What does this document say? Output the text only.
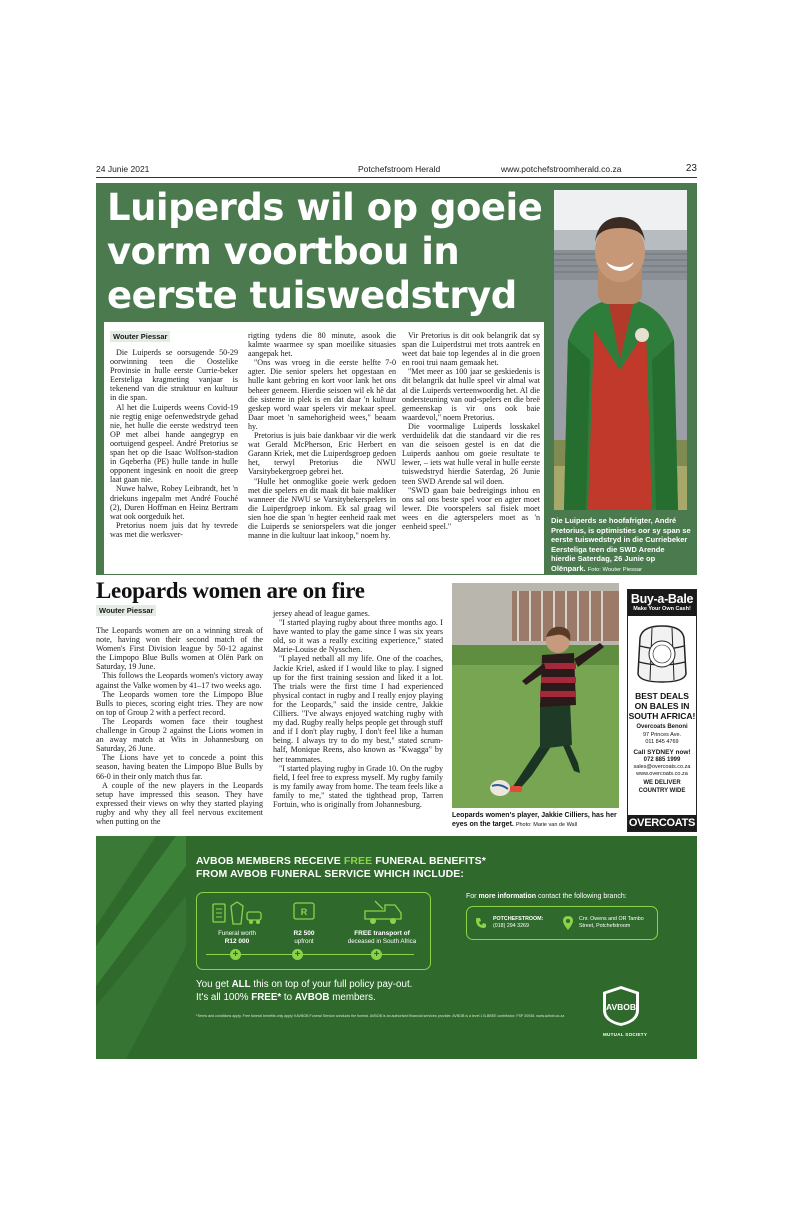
24 Junie 2021	Potchefstroom Herald	www.potchefstroomherald.co.za	23
Luiperds wil op goeie
vorm voortbou in
eerste tuiswedstryd
Wouter Piessar

Die Luiperds se oorsugende 50-29 oorwinning teen die Oostelike Provinsie in hulle eerste Currie-beker Eersteliga kragmeting vanjaar is tekenend van die struktuur en kultuur in die span.

Al het die Luiperds weens Covid-19 nie regtig enige oefenwedstryde gehad nie, het hulle die eerste wedstryd teen OP met albei hande aangegryp en oortuigend gespeel. André Pretorius se span het op die Isaac Wolfson-stadion in Gqeberha (PE) hulle tande in hulle opponent ingesink en nooit die greep laat gaan nie.

Nuwe halwe, Robey Leibrandt, het 'n driekuns ingepalm met André Fouché (2), Duren Hoffman en Heinz Bertram wat ook oorgeduik het.

Pretorius noem juis dat hy tevrede was met die werksver-

rigting tydens die 80 minute, asook die kalmte waarmee sy span moeilike situasies aangepak het.

"Ons was vroeg in die eerste helfte 7-0 agter. Die senior spelers het opgestaan en hulle kant gebring en kort voor lank het ons beheer geneem. Hierdie seisoen wil ek hê dat die sisteme in plek is en dat daar 'n kultuur geskep word waar spelers vir mekaar speel. Daar moet 'n samehorigheid wees," beaam hy.

Pretorius is juis baie dankbaar vir die werk wat Gerald McPherson, Eric Herbert en Garann Kriek, met die Luiperdsgroep gedoen het, terwyl Pretorius die NWU Varsitybekergroep gebrei het.

"Hulle het onmoglike goeie werk gedoen met die spelers en dit maak dit baie makliker wanneer die NWU se Varsitybekerspelers in die Luiperdgroep inkom. Ek sal graag wil sien hoe die span 'n hegter eenheid raak met die Luiperds se seniorspelers wat die jonger manne in die kultuur laat inkoop," noem hy.

Vir Pretorius is dit ook belangrik dat sy span die Luiperdstrui met trots aantrek en weet dat baie top legendes al in die groen en rooi trui naam gemaak het.

"Met meer as 100 jaar se geskiedenis is dit belangrik dat hulle speel vir almal wat al die Luiperds verteenwoordig het. Al die ondersteuning van oud-spelers en die breë gemeenskap is vir ons ook baie waardevol," noem Pretorius.

Die voormalige Luiperds losskakel verduidelik dat die standaard vir die res van die seisoen gestel is en dat die Luiperds aanhou om goeie resultate te lewer, – iets wat hulle veral in hulle eerste tuiswedstryd hierdie Saterdag, 26 Junie teen SWD Arende sal wil doen.

"SWD gaan baie bedreigings inhou en ons sal ons beste spel voor en agter moet lewer. Die voorspelers sal fisiek moet wees en die agterspelers moet as 'n eenheid speel."

Die Luiperds se hoofafrigter, André Pretorius, is optimisties oor sy span se eerste tuiswedstryd in die Curriebeker Eersteliga teen die SWD Arende hierdie Saterdag, 26 Junie op Olënpark. Foto: Wouter Piessar
Leopards women are on fire
Wouter Piessar

The Leopards women are on a winning streak of note, having won their second match of the Women's First Division league by 50-12 against the Limpopo Blue Bulls women at Olën Park on Saturday, 19 June.

This follows the Leopards women's victory away against the Valke women by 41–17 two weeks ago.

The Leopards women tore the Limpopo Blue Bulls to pieces, scoring eight tries. They are now on top of Group 2 with a perfect record.

The Leopards women face their toughest challenge in Group 2 against the Lions women in an away match at Wits in Johannesburg on Saturday, 26 June.

The Lions have yet to concede a point this season, having beaten the Limpopo Blue Bulls by 66-0 in their only match thus far.

A couple of the new players in the Leopards setup have impressed this season. They have expressed their views on why they started playing rugby and why they all feel nervous excitement when putting on the

jersey ahead of league games.

"I started playing rugby about three months ago. I have wanted to play the game since I was six years old, so it was a really exciting experience," stated Marie-Louise de Nysschen.

"I played netball all my life. One of the coaches, Jackie Kriel, asked if I would like to play. I signed up for the first training session and liked it a lot. The trials were the first time I had experienced physical contact in rugby and I really enjoy playing for the Leopards," said the inside centre, Jakkie Cilliers. "I've always enjoyed watching rugby with my dad. Rugby really helps people get through stuff and if I don't play rugby, I don't feel like a human being. I always try to do my best," stated scrum-half, Monique Reens, also known as "Kwagga" by her teammates.

"I started playing rugby in Grade 10. On the rugby field, I feel free to express myself. My rugby family is my family away from home. The team feels like a family to me," stated the tighthead prop, Tarren Fortuin, who is originally from Johannesburg.

Leopards women's player, Jakkie Cilliers, has her eyes on the target. Photo: Marie van de Wall
Buy-a-Bale
Make Your Own Cash!
BEST DEALS
ON BALES IN
SOUTH AFRICA!
Overcoats Benoni
97 Princes Ave.
011 845 4769
Call SYDNEY now!
072 885 1999
sales@overcoats.co.za
www.overcoats.co.za
WE DELIVER
COUNTRY WIDE
OVERCOATS
AVBOB MEMBERS RECEIVE FREE FUNERAL BENEFITS*
FROM AVBOB FUNERAL SERVICE WHICH INCLUDE:
R
Funeral worth
R12 000
R2 500
upfront
FREE transport of
deceased in South Africa
+	+	+
You get ALL this on top of your full policy pay-out.
It's all 100% FREE* to AVBOB members.
*Terms and conditions apply. Free funeral benefits only apply if AVBOB Funeral Service conducts the funeral. AVBOB is an authorised financial services provider. AVBOB is a level 1 B-BBEE contributor. FSP 20936. www.avbob.co.za
For more information contact the following branch:
POTCHEFSTROOM:
(018) 294 3269
Cnr. Owens and OR Tambo
Street, Potchefstroom
AVBOB
MUTUAL SOCIETY
